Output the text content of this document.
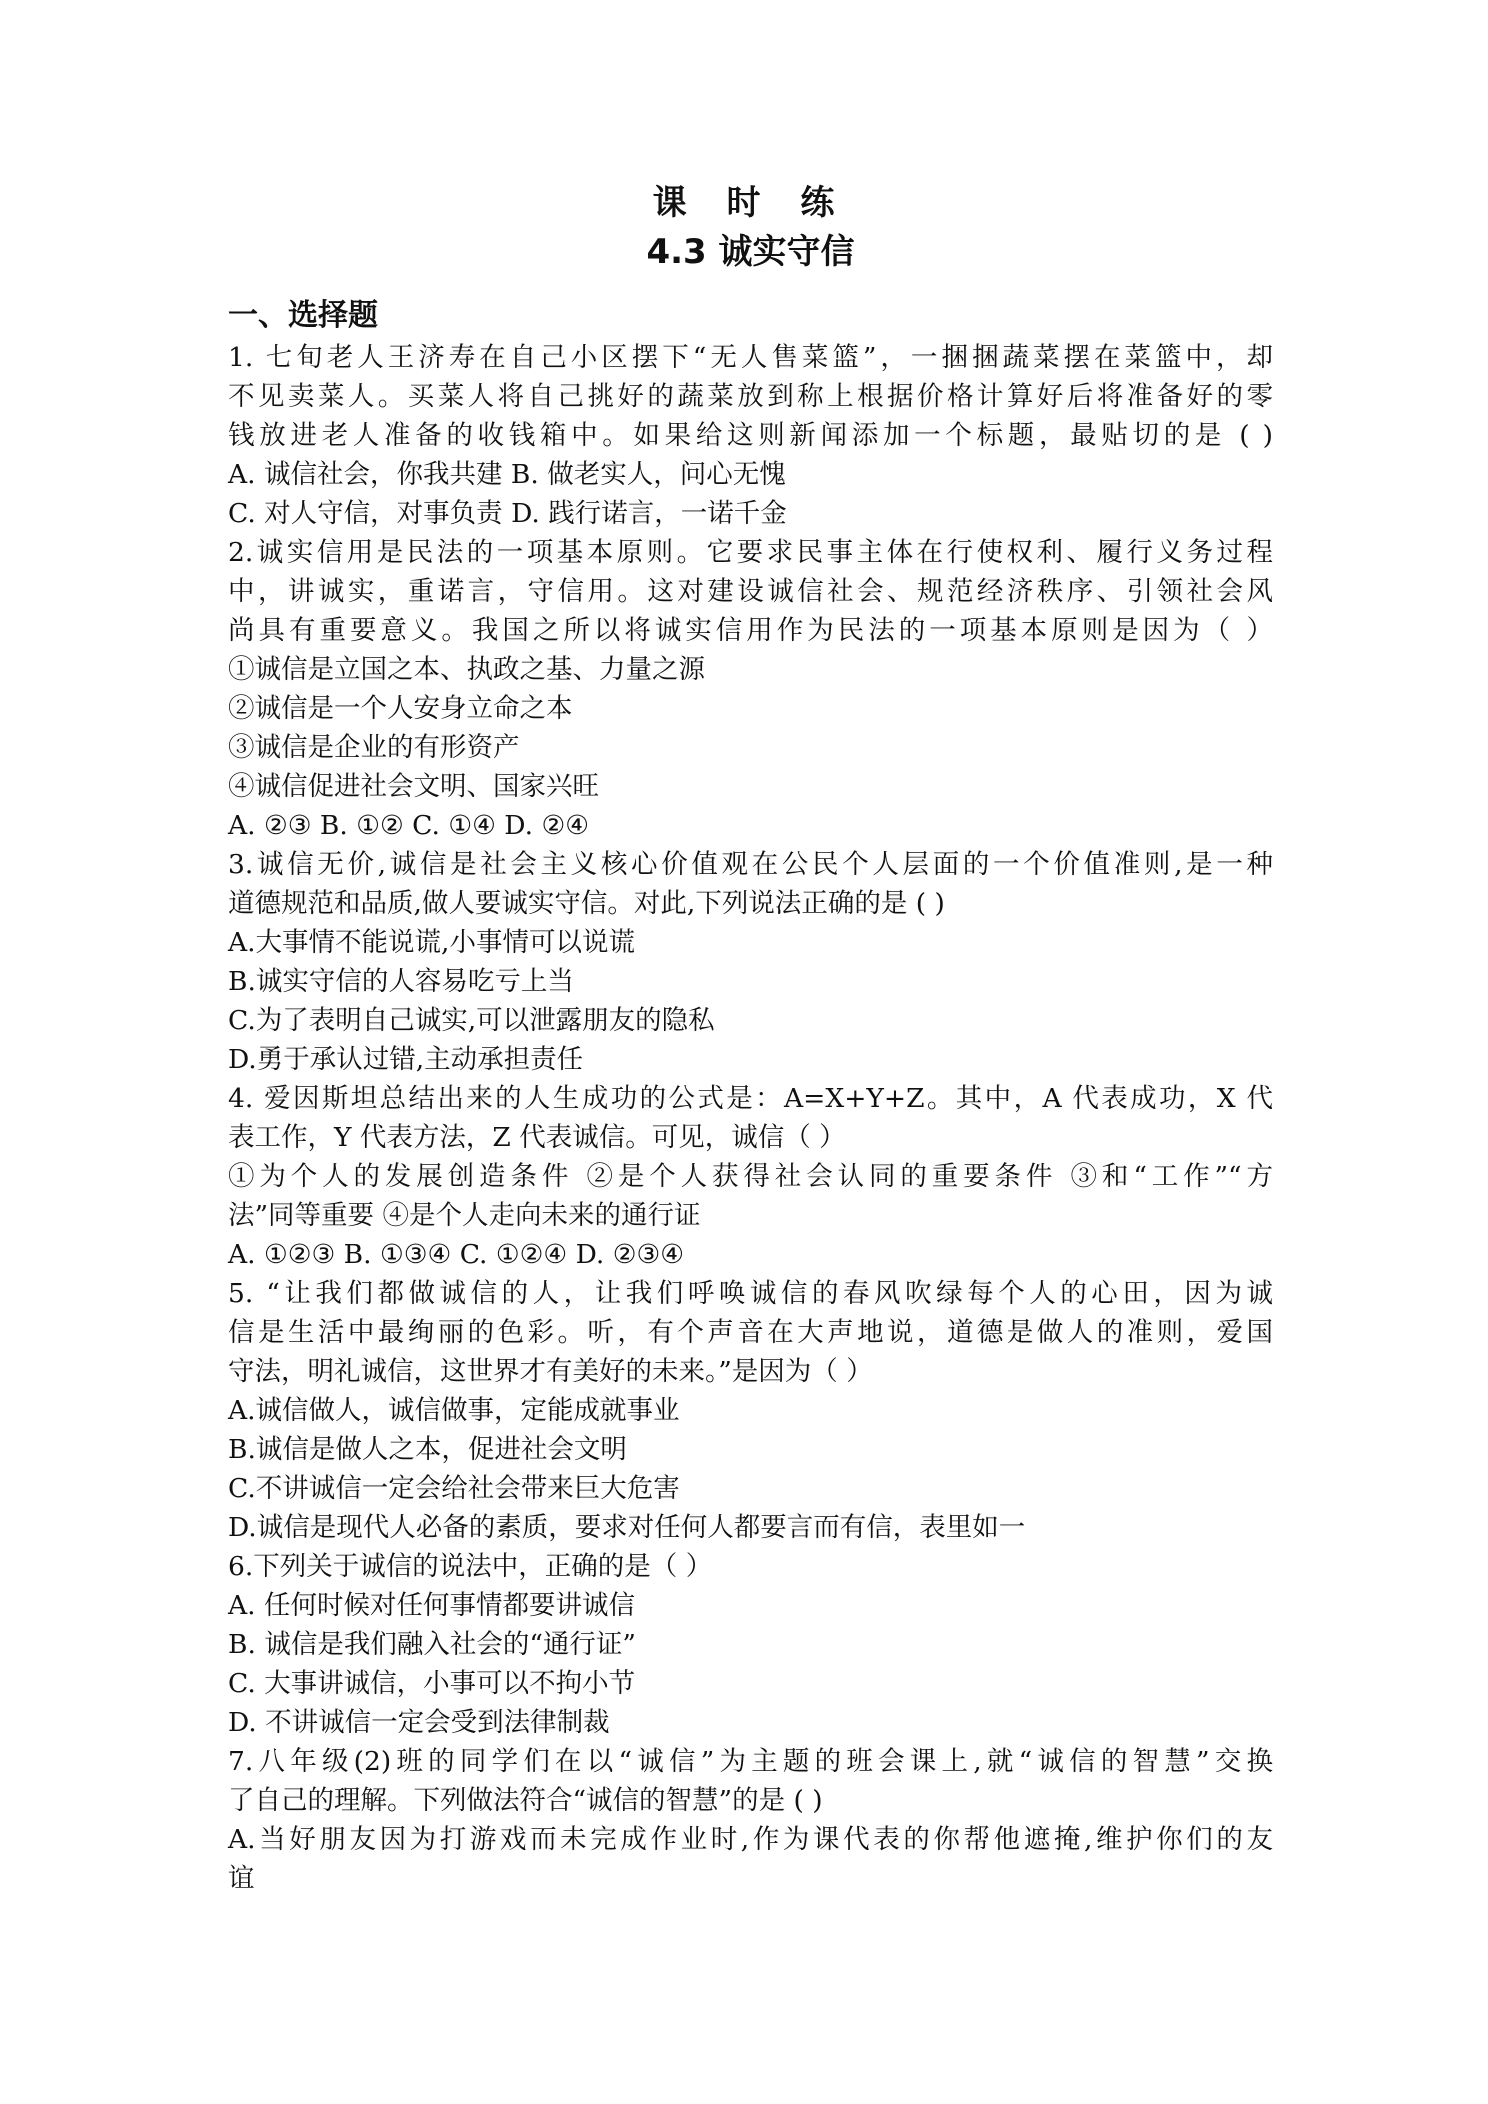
课 时 练
4.3 诚实守信
一、选择题

1. 七旬老人王济寿在自己小区摆下“无人售菜篮”，一捆捆蔬菜摆在菜篮中，却

不见卖菜人。买菜人将自己挑好的蔬菜放到称上根据价格计算好后将准备好的零

钱放进老人准备的收钱箱中。如果给这则新闻添加一个标题，最贴切的是 ( )

A. 诚信社会，你我共建 B. 做老实人，问心无愧

C. 对人守信，对事负责 D. 践行诺言，一诺千金

2.诚实信用是民法的一项基本原则。它要求民事主体在行使权利、履行义务过程

中，讲诚实，重诺言，守信用。这对建设诚信社会、规范经济秩序、引领社会风

尚具有重要意义。我国之所以将诚实信用作为民法的一项基本原则是因为（ ）

①诚信是立国之本、执政之基、力量之源

②诚信是一个人安身立命之本

③诚信是企业的有形资产

④诚信促进社会文明、国家兴旺

A. ②③ B. ①② C. ①④ D. ②④

3.诚信无价,诚信是社会主义核心价值观在公民个人层面的一个价值准则,是一种

道德规范和品质,做人要诚实守信。对此,下列说法正确的是 ( )

A.大事情不能说谎,小事情可以说谎

B.诚实守信的人容易吃亏上当

C.为了表明自己诚实,可以泄露朋友的隐私

D.勇于承认过错,主动承担责任

4. 爱因斯坦总结出来的人生成功的公式是：A=X+Y+Z。其中，A 代表成功，X 代

表工作，Y 代表方法，Z 代表诚信。可见，诚信（ ）

①为个人的发展创造条件 ②是个人获得社会认同的重要条件 ③和“工作”“方

法”同等重要 ④是个人走向未来的通行证

A. ①②③ B. ①③④ C. ①②④ D. ②③④

5. “让我们都做诚信的人，让我们呼唤诚信的春风吹绿每个人的心田，因为诚

信是生活中最绚丽的色彩。听，有个声音在大声地说，道德是做人的准则，爱国

守法，明礼诚信，这世界才有美好的未来。”是因为（ ）

A.诚信做人，诚信做事，定能成就事业

B.诚信是做人之本，促进社会文明

C.不讲诚信一定会给社会带来巨大危害

D.诚信是现代人必备的素质，要求对任何人都要言而有信，表里如一

6.下列关于诚信的说法中，正确的是（ ）

A. 任何时候对任何事情都要讲诚信

B. 诚信是我们融入社会的“通行证”

C. 大事讲诚信，小事可以不拘小节

D. 不讲诚信一定会受到法律制裁

7.八年级(2)班的同学们在以“诚信”为主题的班会课上,就“诚信的智慧”交换

了自己的理解。下列做法符合“诚信的智慧”的是 ( )

A.当好朋友因为打游戏而未完成作业时,作为课代表的你帮他遮掩,维护你们的友

谊
